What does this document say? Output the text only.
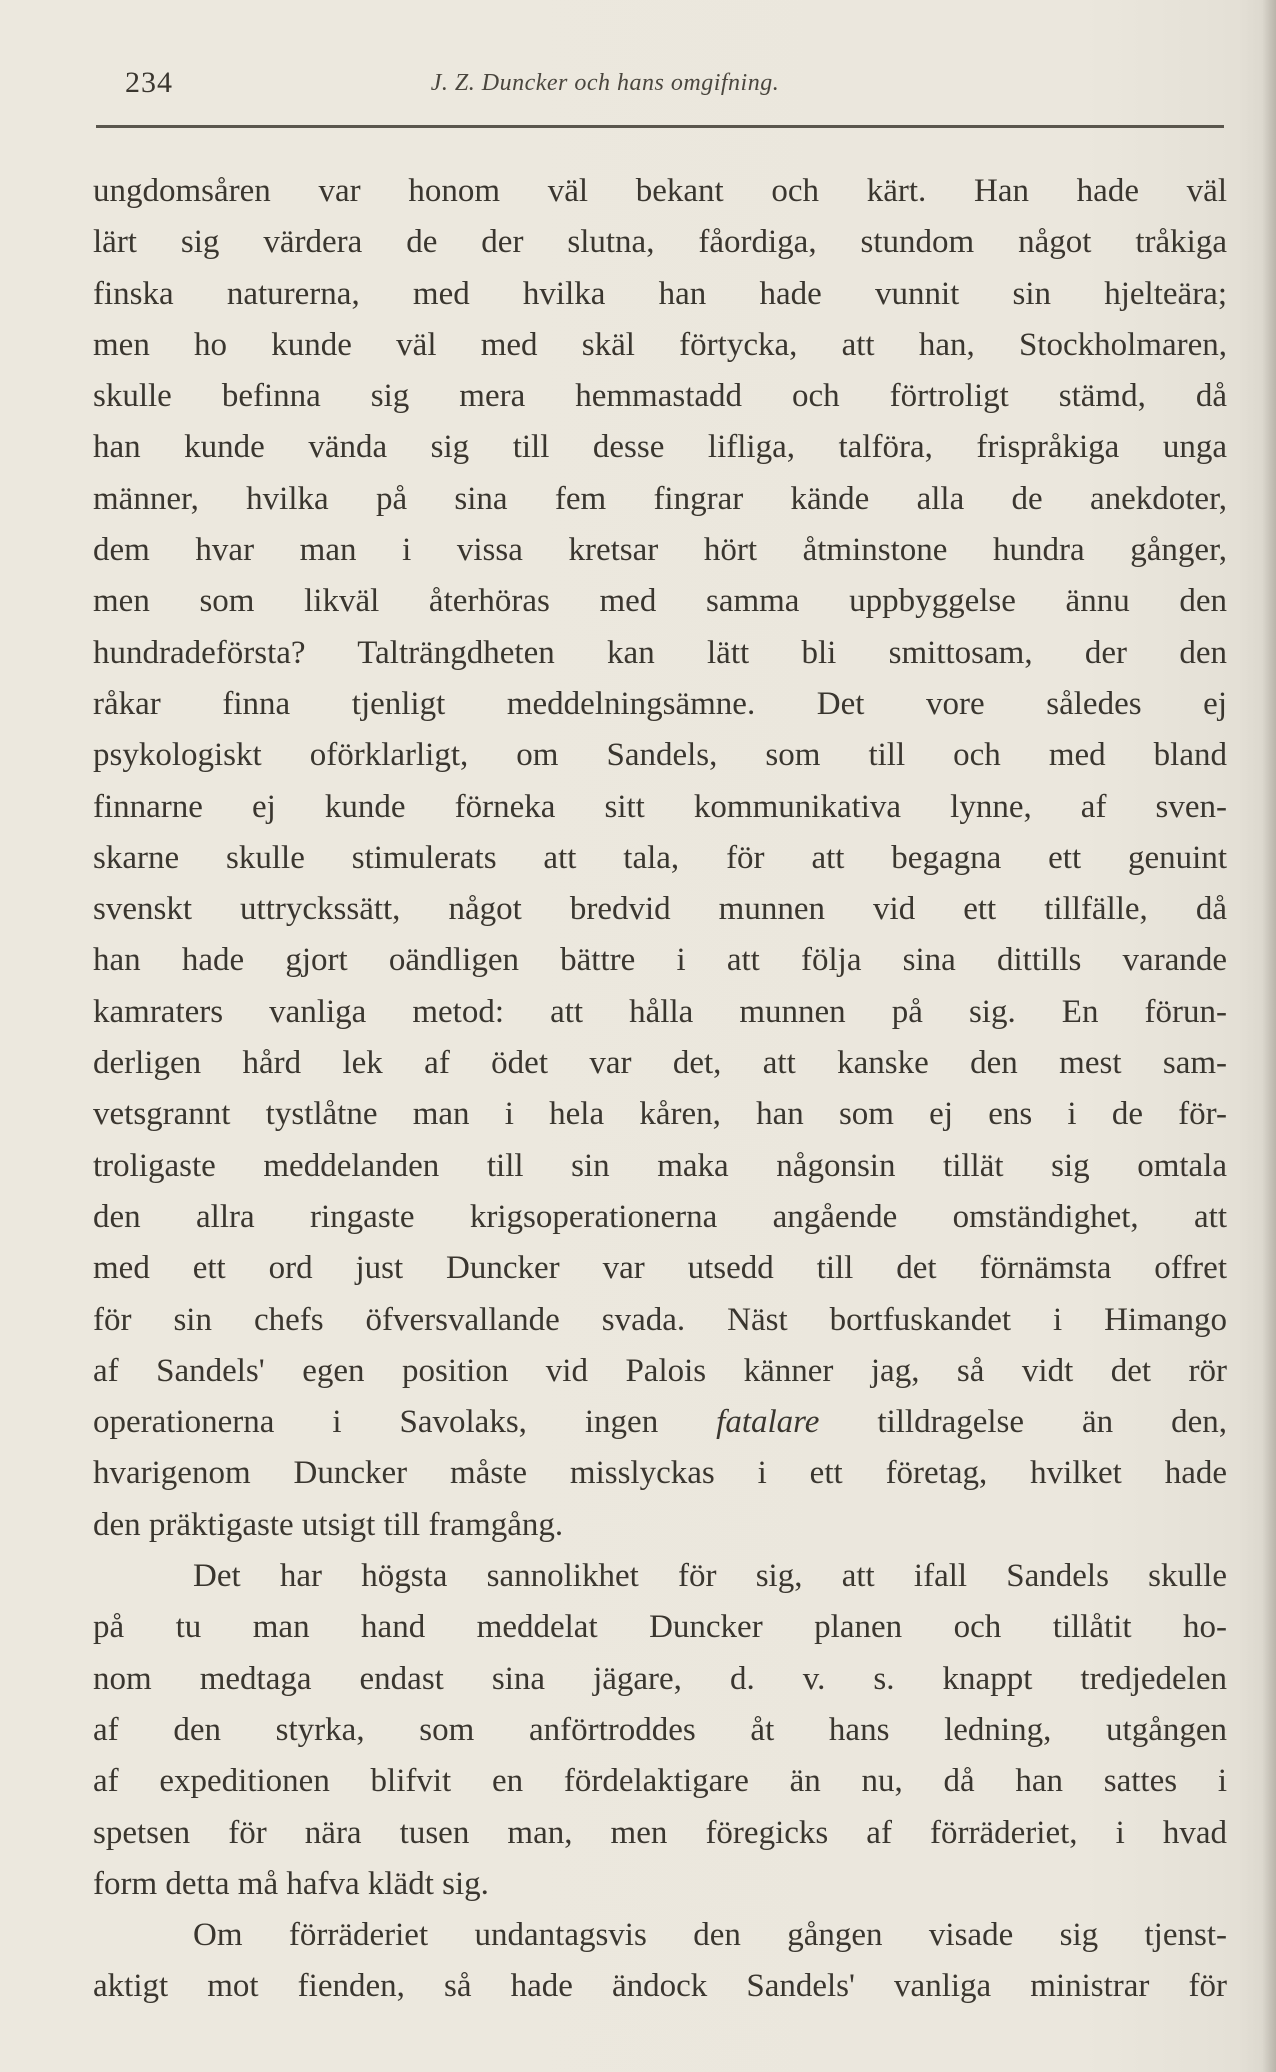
234	J. Z. Duncker och hans omgifning.
ungdomsåren var honom väl bekant och kärt. Han hade väl
lärt sig värdera de der slutna, fåordiga, stundom något tråkiga
finska naturerna, med hvilka han hade vunnit sin hjelteära;
men ho kunde väl med skäl förtycka, att han, Stockholmaren,
skulle befinna sig mera hemmastadd och förtroligt stämd, då
han kunde vända sig till desse lifliga, talföra, frispråkiga unga
männer, hvilka på sina fem fingrar kände alla de anekdoter,
dem hvar man i vissa kretsar hört åtminstone hundra gånger,
men som likväl återhöras med samma uppbyggelse ännu den
hundradeförsta? Talträngdheten kan lätt bli smittosam, der den
råkar finna tjenligt meddelningsämne. Det vore således ej
psykologiskt oförklarligt, om Sandels, som till och med bland
finnarne ej kunde förneka sitt kommunikativa lynne, af sven-
skarne skulle stimulerats att tala, för att begagna ett genuint
svenskt uttryckssätt, något bredvid munnen vid ett tillfälle, då
han hade gjort oändligen bättre i att följa sina dittills varande
kamraters vanliga metod: att hålla munnen på sig. En förun-
derligen hård lek af ödet var det, att kanske den mest sam-
vetsgrannt tystlåtne man i hela kåren, han som ej ens i de för-
troligaste meddelanden till sin maka någonsin tillät sig omtala
den allra ringaste krigsoperationerna angående omständighet, att
med ett ord just Duncker var utsedd till det förnämsta offret
för sin chefs öfversvallande svada. Näst bortfuskandet i Himango
af Sandels' egen position vid Palois känner jag, så vidt det rör
operationerna i Savolaks, ingen fatalare tilldragelse än den,
hvarigenom Duncker måste misslyckas i ett företag, hvilket hade
den präktigaste utsigt till framgång.
Det har högsta sannolikhet för sig, att ifall Sandels skulle
på tu man hand meddelat Duncker planen och tillåtit ho-
nom medtaga endast sina jägare, d. v. s. knappt tredjedelen
af den styrka, som anförtroddes åt hans ledning, utgången
af expeditionen blifvit en fördelaktigare än nu, då han sattes i
spetsen för nära tusen man, men föregicks af förräderiet, i hvad
form detta må hafva klädt sig.
Om förräderiet undantagsvis den gången visade sig tjenst-
aktigt mot fienden, så hade ändock Sandels' vanliga ministrar för
